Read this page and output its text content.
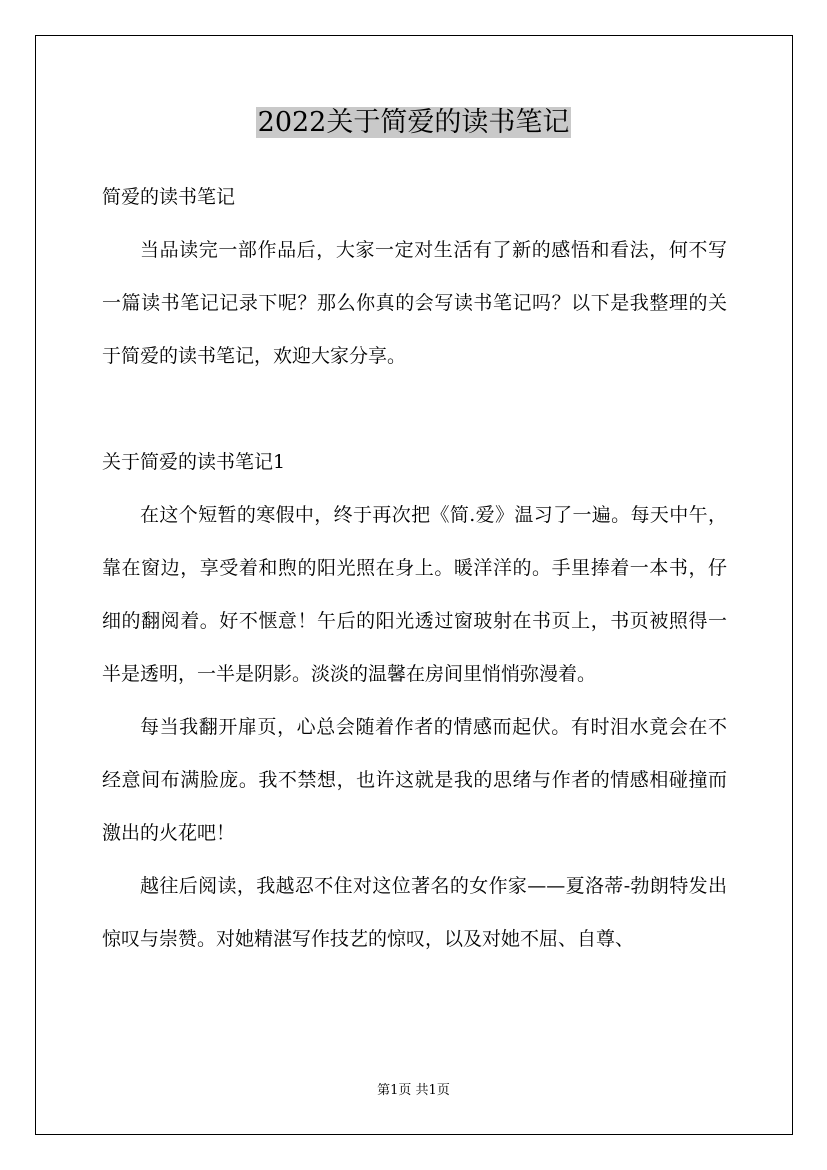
2022关于简爱的读书笔记

简爱的读书笔记

当品读完一部作品后，大家一定对生活有了新的感悟和看法，何不写一篇读书笔记记录下呢？那么你真的会写读书笔记吗？以下是我整理的关于简爱的读书笔记，欢迎大家分享。

关于简爱的读书笔记1

在这个短暂的寒假中，终于再次把《简.爱》温习了一遍。每天中午，靠在窗边，享受着和煦的阳光照在身上。暖洋洋的。手里捧着一本书，仔细的翻阅着。好不惬意！午后的阳光透过窗玻射在书页上，书页被照得一半是透明，一半是阴影。淡淡的温馨在房间里悄悄弥漫着。

每当我翻开扉页，心总会随着作者的情感而起伏。有时泪水竟会在不经意间布满脸庞。我不禁想，也许这就是我的思绪与作者的情感相碰撞而激出的火花吧！

越往后阅读，我越忍不住对这位著名的女作家——夏洛蒂-勃朗特发出惊叹与崇赞。对她精湛写作技艺的惊叹，以及对她不屈、自尊、

第1页 共1页
